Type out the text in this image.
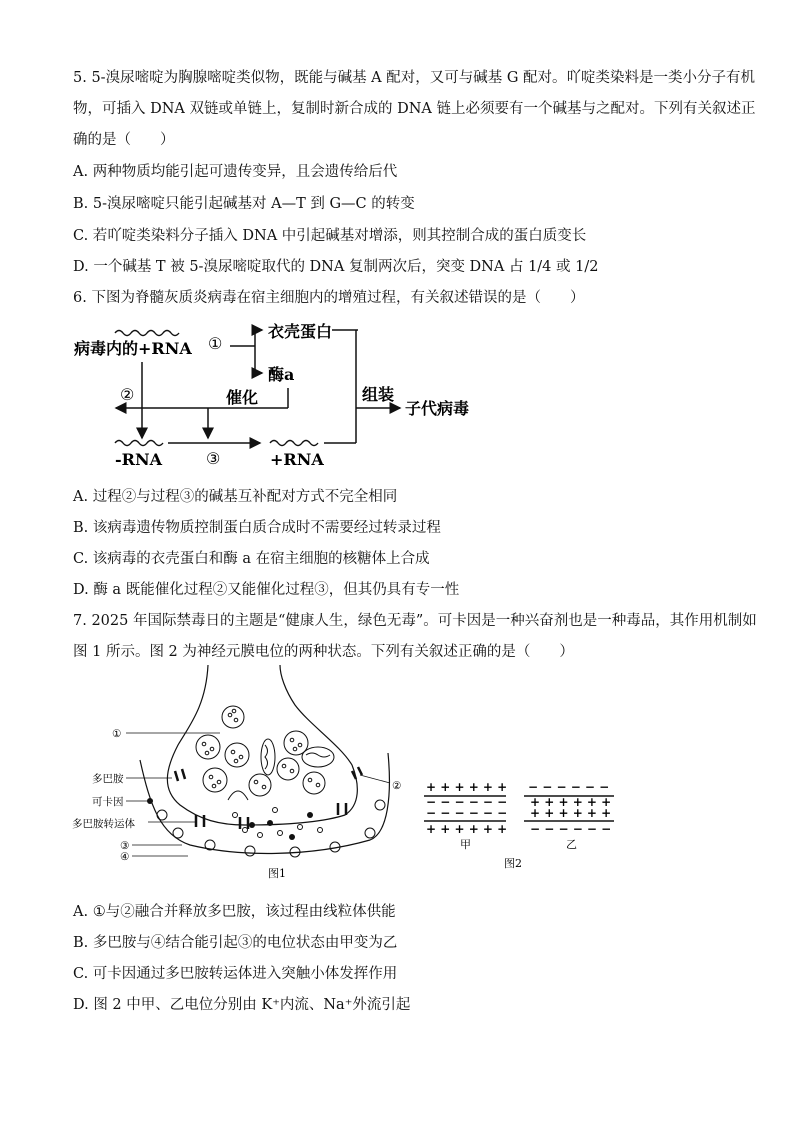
5. 5-溴尿嘧啶为胸腺嘧啶类似物，既能与碱基 A 配对，又可与碱基 G 配对。吖啶类染料是一类小分子有机
物，可插入 DNA 双链或单链上，复制时新合成的 DNA 链上必须要有一个碱基与之配对。下列有关叙述正
确的是（　　）
A. 两种物质均能引起可遗传变异，且会遗传给后代
B. 5-溴尿嘧啶只能引起碱基对 A—T 到 G—C 的转变
C. 若吖啶类染料分子插入 DNA 中引起碱基对增添，则其控制合成的蛋白质变长
D. 一个碱基 T 被 5-溴尿嘧啶取代的 DNA 复制两次后，突变 DNA 占 1/4 或 1/2
6. 下图为脊髓灰质炎病毒在宿主细胞内的增殖过程，有关叙述错误的是（　　）
病毒内的+RNA ①
衣壳蛋白
酶a
催化
②
-RNA	③	+RNA
组装
子代病毒
A. 过程②与过程③的碱基互补配对方式不完全相同
B. 该病毒遗传物质控制蛋白质合成时不需要经过转录过程
C. 该病毒的衣壳蛋白和酶 a 在宿主细胞的核糖体上合成
D. 酶 a 既能催化过程②又能催化过程③，但其仍具有专一性
7. 2025 年国际禁毒日的主题是“健康人生，绿色无毒”。可卡因是一种兴奋剂也是一种毒品，其作用机制如
图 1 所示。图 2 为神经元膜电位的两种状态。下列有关叙述正确的是（　　）
①
多巴胺
可卡因
多巴胺转运体
③
④
②
图1
+ + + + + +
− − − − − −
− − − − − −
+ + + + + +
− − − − − −
+ + + + + +
+ + + + + +
− − − − − −
甲	乙
图2
A. ①与②融合并释放多巴胺，该过程由线粒体供能
B. 多巴胺与④结合能引起③的电位状态由甲变为乙
C. 可卡因通过多巴胺转运体进入突触小体发挥作用
D. 图 2 中甲、乙电位分别由 K⁺内流、Na⁺外流引起
